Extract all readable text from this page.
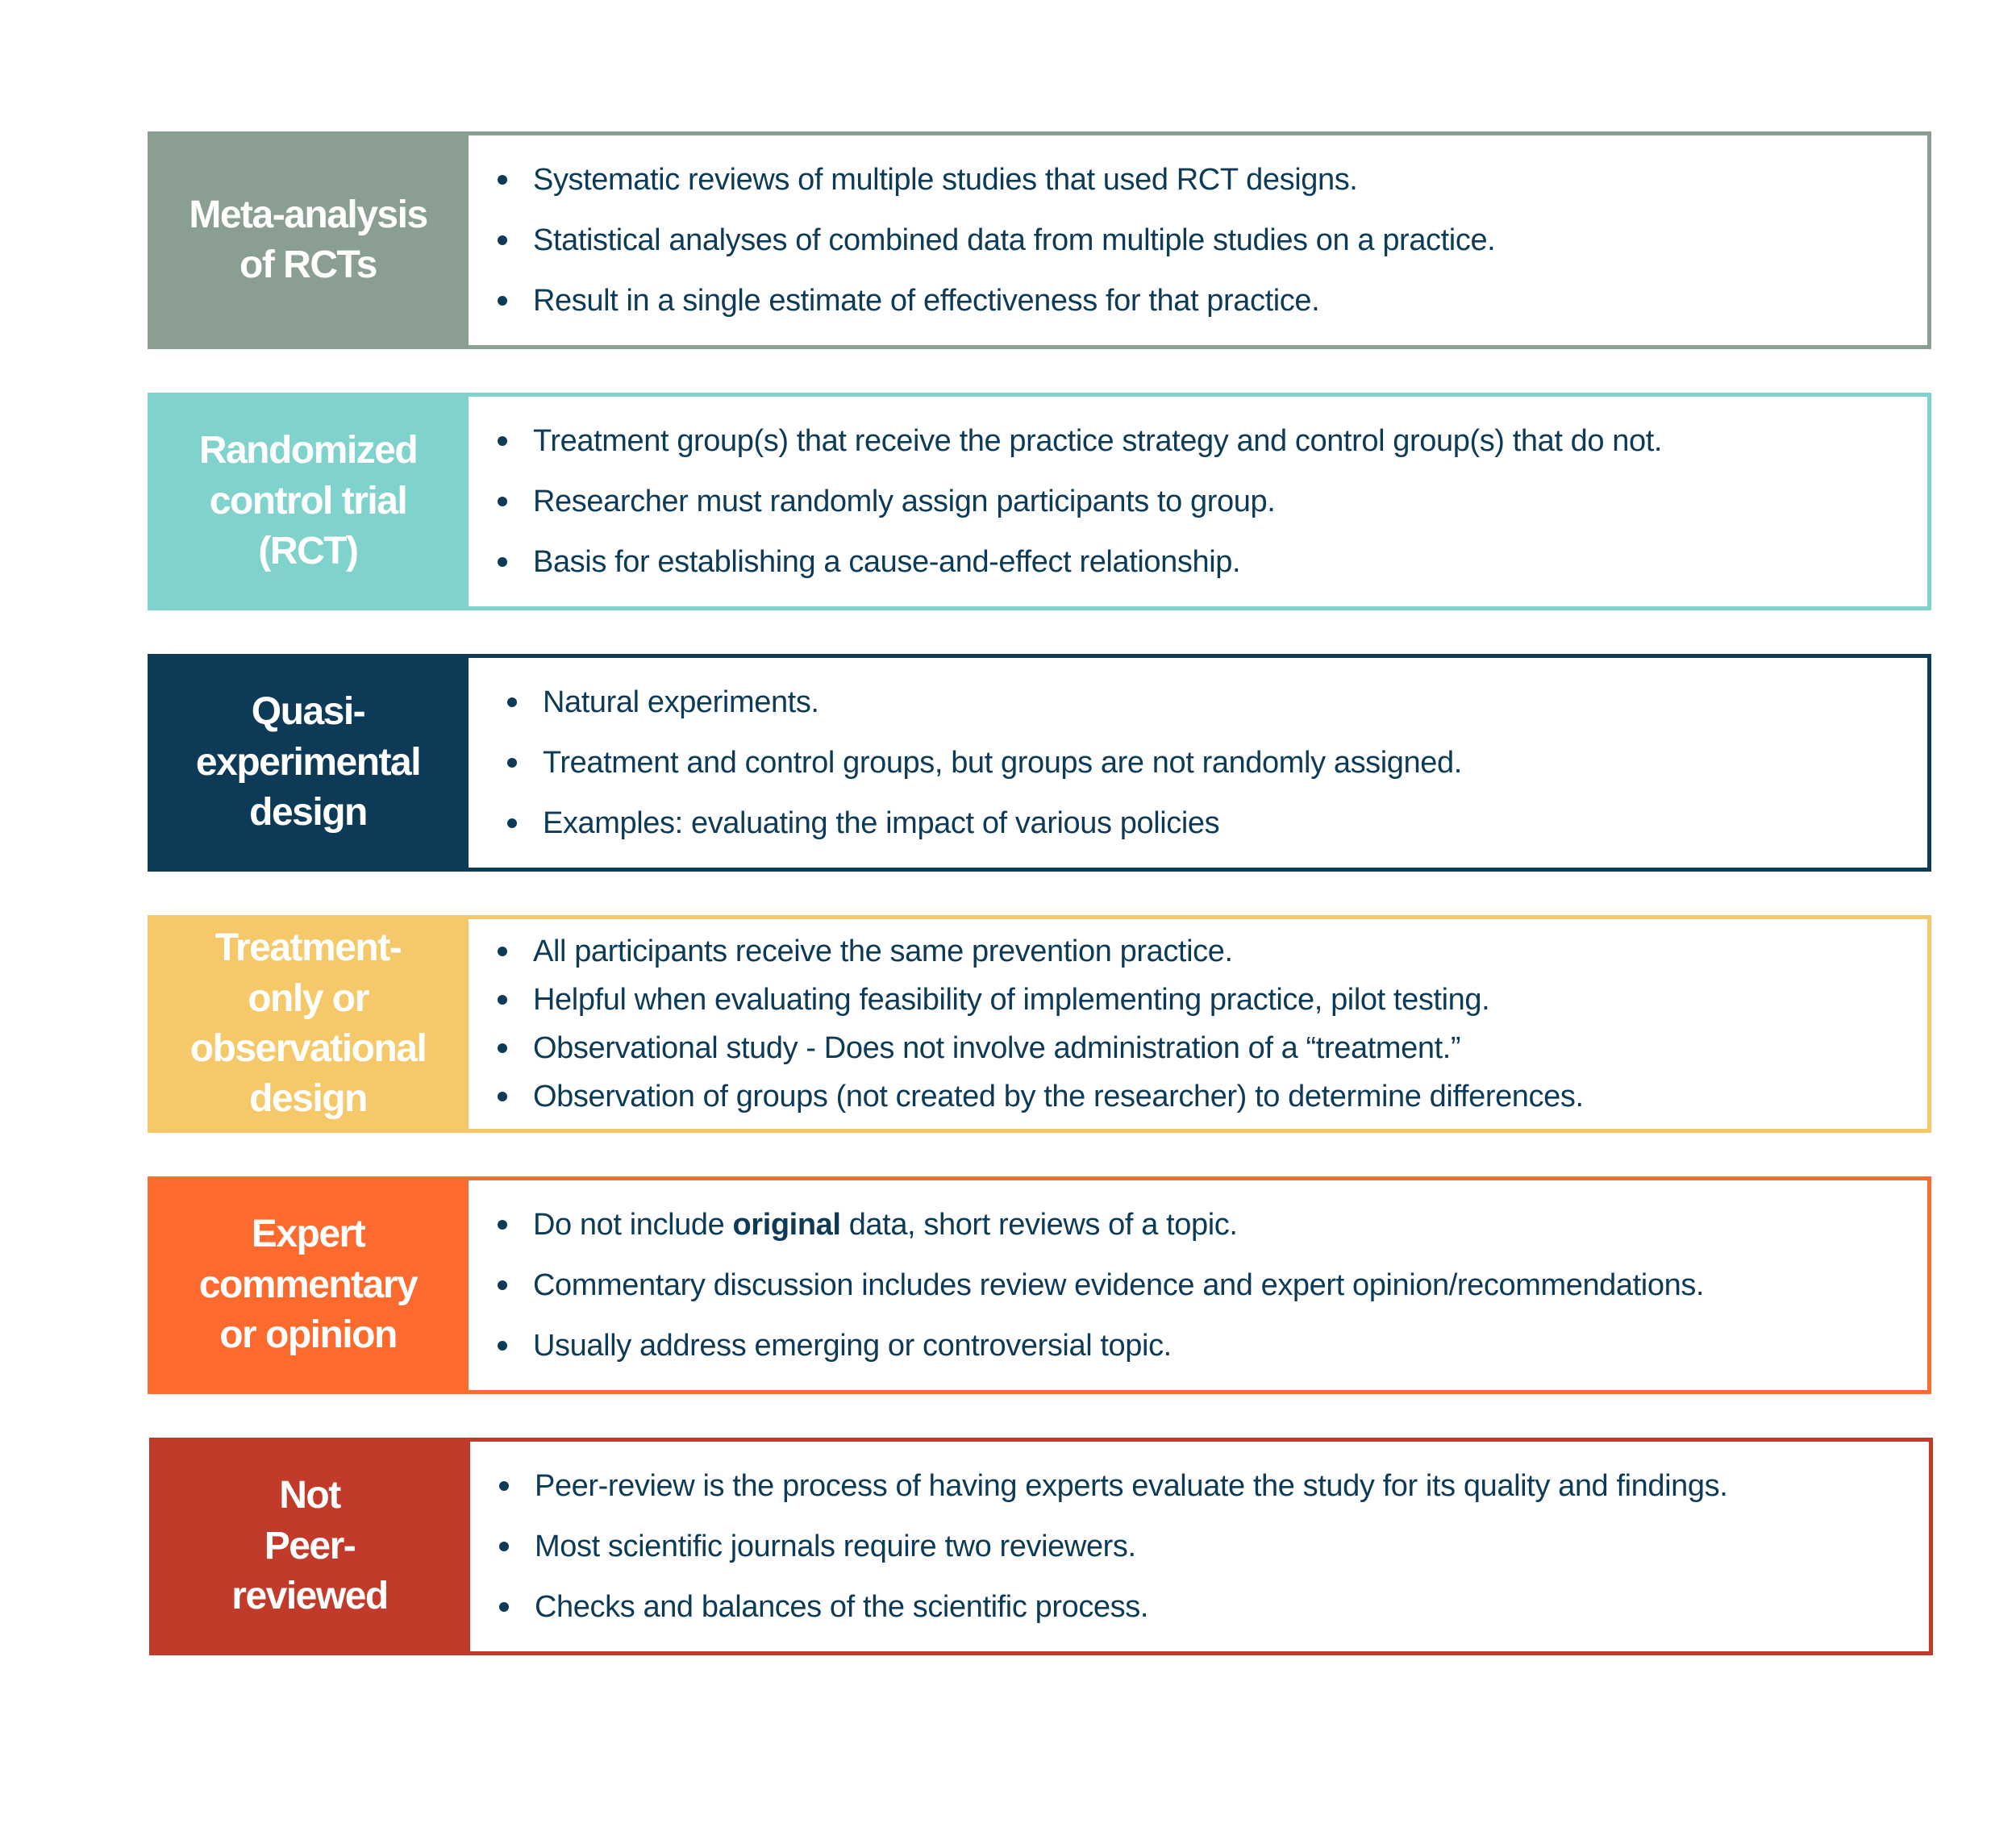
Meta-analysis
of RCTs
Systematic reviews of multiple studies that used RCT designs.
Statistical analyses of combined data from multiple studies on a practice.
Result in a single estimate of effectiveness for that practice.
Randomized
control trial
(RCT)
Treatment group(s) that receive the practice strategy and control group(s) that do not.
Researcher must randomly assign participants to group.
Basis for establishing a cause-and-effect relationship.
Quasi-
experimental
design
Natural experiments.
Treatment and control groups, but groups are not randomly assigned.
Examples: evaluating the impact of various policies
Treatment-
only or
observational
design
All participants receive the same prevention practice.
Helpful when evaluating feasibility of implementing practice, pilot testing.
Observational study - Does not involve administration of a “treatment.”
Observation of groups (not created by the researcher) to determine differences.
Expert
commentary
or opinion
Do not include original data, short reviews of a topic.
Commentary discussion includes review evidence and expert opinion/recommendations.
Usually address emerging or controversial topic.
Not
Peer-
reviewed
Peer-review is the process of having experts evaluate the study for its quality and findings.
Most scientific journals require two reviewers.
Checks and balances of the scientific process.
